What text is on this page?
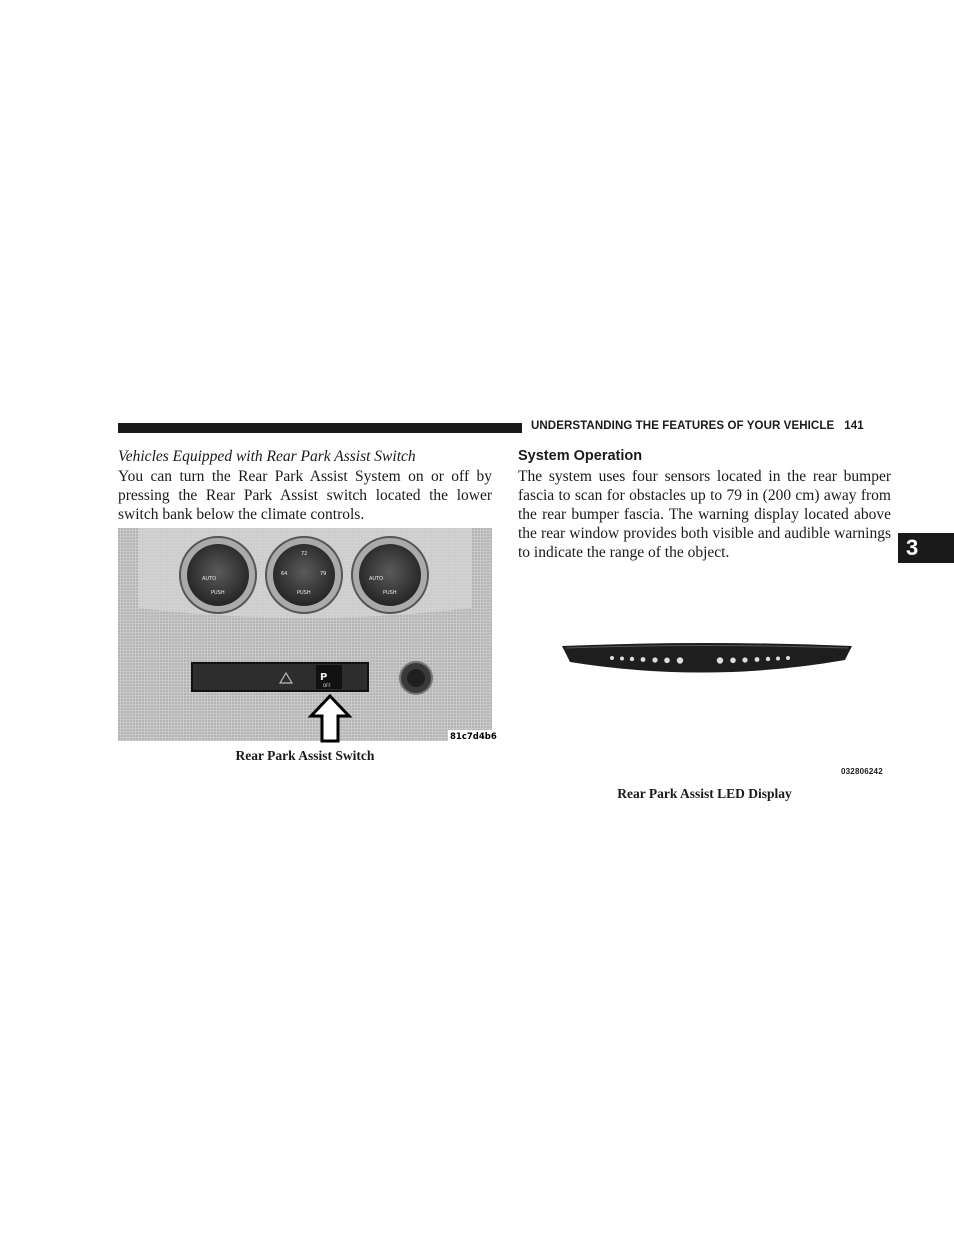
UNDERSTANDING THE FEATURES OF YOUR VEHICLE 141
3
Vehicles Equipped with Rear Park Assist Switch

You can turn the Rear Park Assist System on or off by pressing the Rear Park Assist switch located the lower switch bank below the climate controls.

AUTO
PUSH
72
64	79
PUSH
AUTO
PUSH
P
OFF
81c7d4b6
Rear Park Assist Switch
System Operation

The system uses four sensors located in the rear bumper fascia to scan for obstacles up to 79 in (200 cm) away from the rear bumper fascia. The warning display located above the rear window provides both visible and audible warnings to indicate the range of the object.

032806242
Rear Park Assist LED Display
